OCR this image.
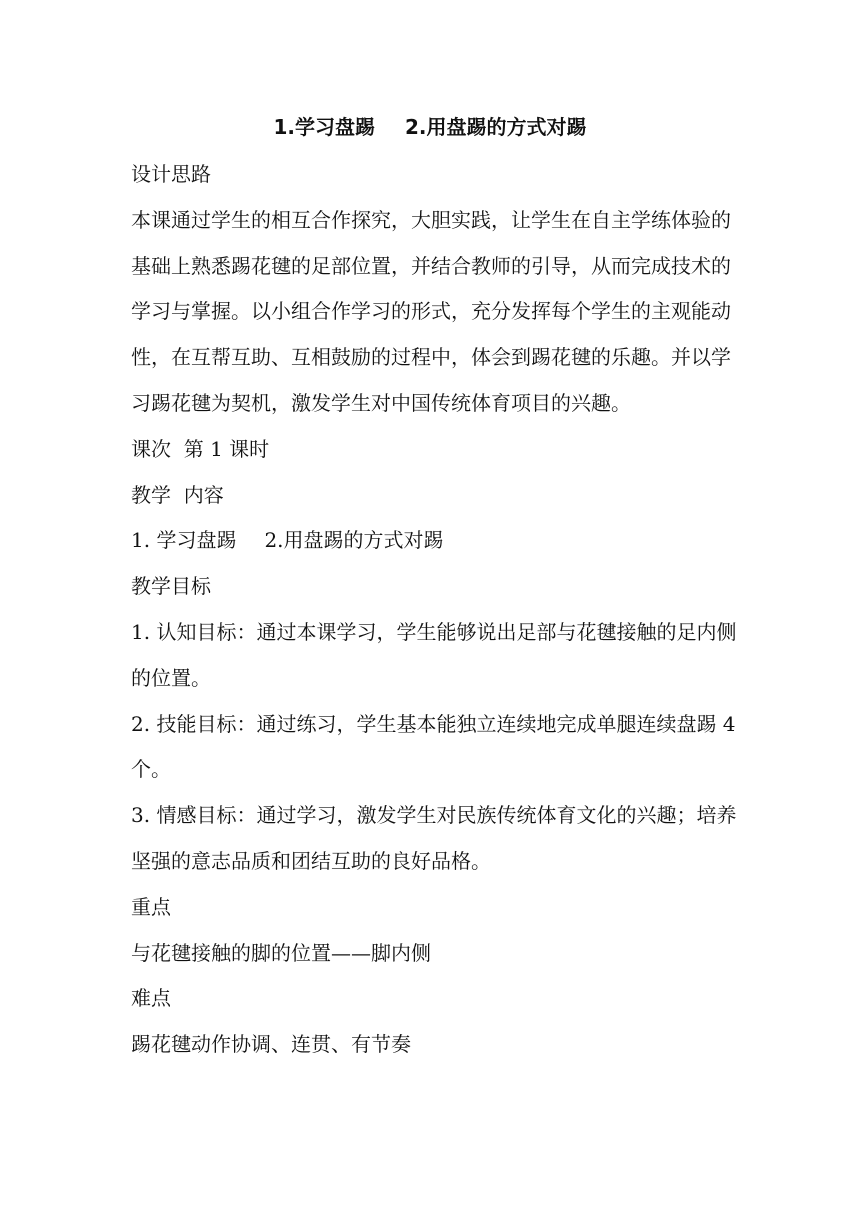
1.学习盘踢 2.用盘踢的方式对踢

设计思路

本课通过学生的相互合作探究，大胆实践，让学生在自主学练体验的基础上熟悉踢花毽的足部位置，并结合教师的引导，从而完成技术的学习与掌握。以小组合作学习的形式，充分发挥每个学生的主观能动性，在互帮互助、互相鼓励的过程中，体会到踢花毽的乐趣。并以学习踢花毽为契机，激发学生对中国传统体育项目的兴趣。

课次  第 1 课时

教学  内容

1. 学习盘踢 2.用盘踢的方式对踢

教学目标

1. 认知目标：通过本课学习，学生能够说出足部与花毽接触的足内侧的位置。

2. 技能目标：通过练习，学生基本能独立连续地完成单腿连续盘踢 4 个。

3. 情感目标：通过学习，激发学生对民族传统体育文化的兴趣；培养坚强的意志品质和团结互助的良好品格。

重点

与花毽接触的脚的位置——脚内侧

难点

踢花毽动作协调、连贯、有节奏
